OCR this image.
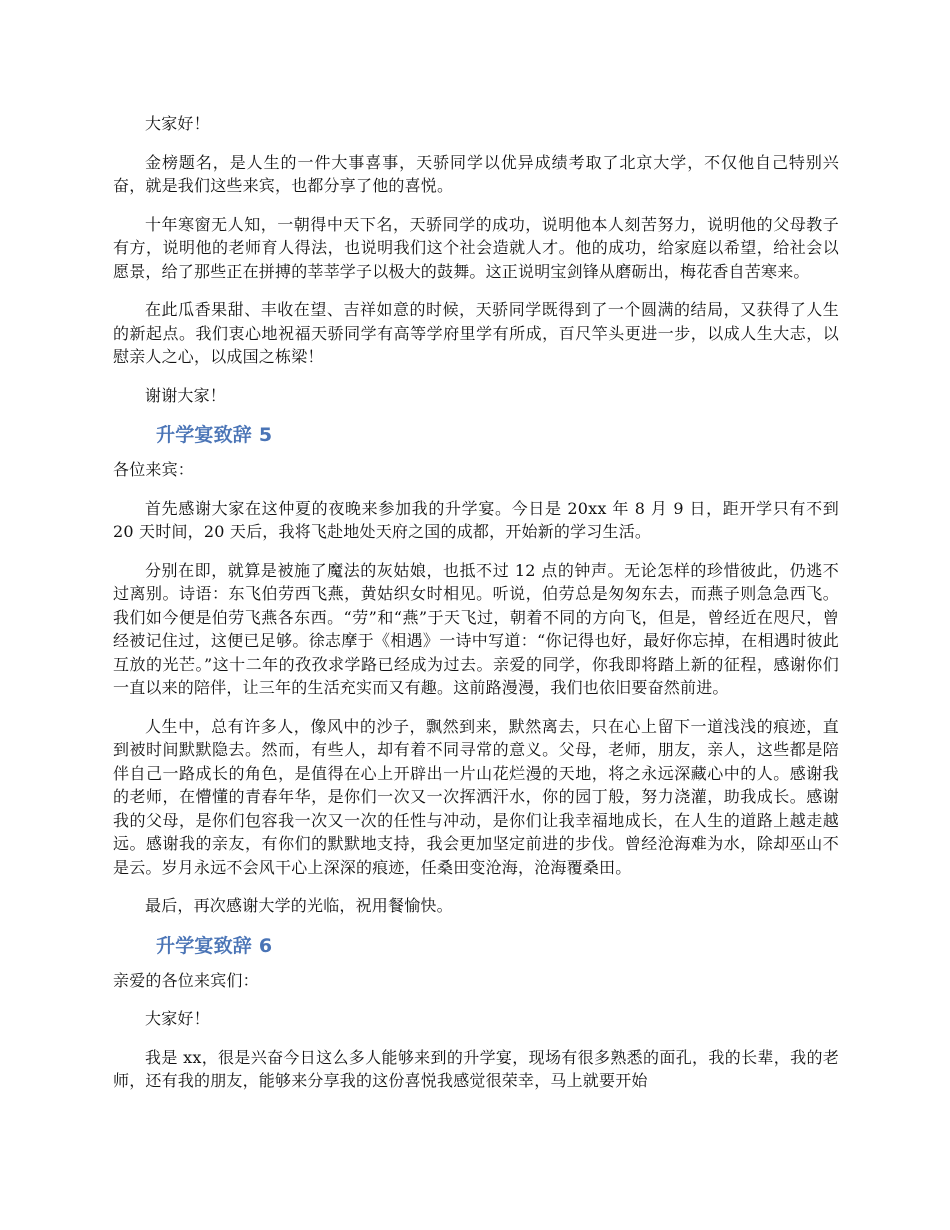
大家好！

金榜题名，是人生的一件大事喜事，天骄同学以优异成绩考取了北京大学，不仅他自己特别兴奋，就是我们这些来宾，也都分享了他的喜悦。

十年寒窗无人知，一朝得中天下名，天骄同学的成功，说明他本人刻苦努力，说明他的父母教子有方，说明他的老师育人得法，也说明我们这个社会造就人才。他的成功，给家庭以希望，给社会以愿景，给了那些正在拼搏的莘莘学子以极大的鼓舞。这正说明宝剑锋从磨砺出，梅花香自苦寒来。

在此瓜香果甜、丰收在望、吉祥如意的时候，天骄同学既得到了一个圆满的结局，又获得了人生的新起点。我们衷心地祝福天骄同学有高等学府里学有所成，百尺竿头更进一步，以成人生大志，以慰亲人之心，以成国之栋梁！

谢谢大家！

升学宴致辞 5

各位来宾：

首先感谢大家在这仲夏的夜晚来参加我的升学宴。今日是 20xx 年 8 月 9 日，距开学只有不到 20 天时间，20 天后，我将飞赴地处天府之国的成都，开始新的学习生活。

分别在即，就算是被施了魔法的灰姑娘，也抵不过 12 点的钟声。无论怎样的珍惜彼此，仍逃不过离别。诗语：东飞伯劳西飞燕，黄姑织女时相见。听说，伯劳总是匆匆东去，而燕子则急急西飞。我们如今便是伯劳飞燕各东西。“劳”和“燕”于天飞过，朝着不同的方向飞，但是，曾经近在咫尺，曾经被记住过，这便已足够。徐志摩于《相遇》一诗中写道：“你记得也好，最好你忘掉，在相遇时彼此互放的光芒。”这十二年的孜孜求学路已经成为过去。亲爱的同学，你我即将踏上新的征程，感谢你们一直以来的陪伴，让三年的生活充实而又有趣。这前路漫漫，我们也依旧要奋然前进。

人生中，总有许多人，像风中的沙子，飘然到来，默然离去，只在心上留下一道浅浅的痕迹，直到被时间默默隐去。然而，有些人，却有着不同寻常的意义。父母，老师，朋友，亲人，这些都是陪伴自己一路成长的角色，是值得在心上开辟出一片山花烂漫的天地，将之永远深藏心中的人。感谢我的老师，在懵懂的青春年华，是你们一次又一次挥洒汗水，你的园丁般，努力浇灌，助我成长。感谢我的父母，是你们包容我一次又一次的任性与冲动，是你们让我幸福地成长，在人生的道路上越走越远。感谢我的亲友，有你们的默默地支持，我会更加坚定前进的步伐。曾经沧海难为水，除却巫山不是云。岁月永远不会风干心上深深的痕迹，任桑田变沧海，沧海覆桑田。

最后，再次感谢大学的光临，祝用餐愉快。

升学宴致辞 6

亲爱的各位来宾们：

大家好！

我是 xx，很是兴奋今日这么多人能够来到的升学宴，现场有很多熟悉的面孔，我的长辈，我的老师，还有我的朋友，能够来分享我的这份喜悦我感觉很荣幸，马上就要开始
